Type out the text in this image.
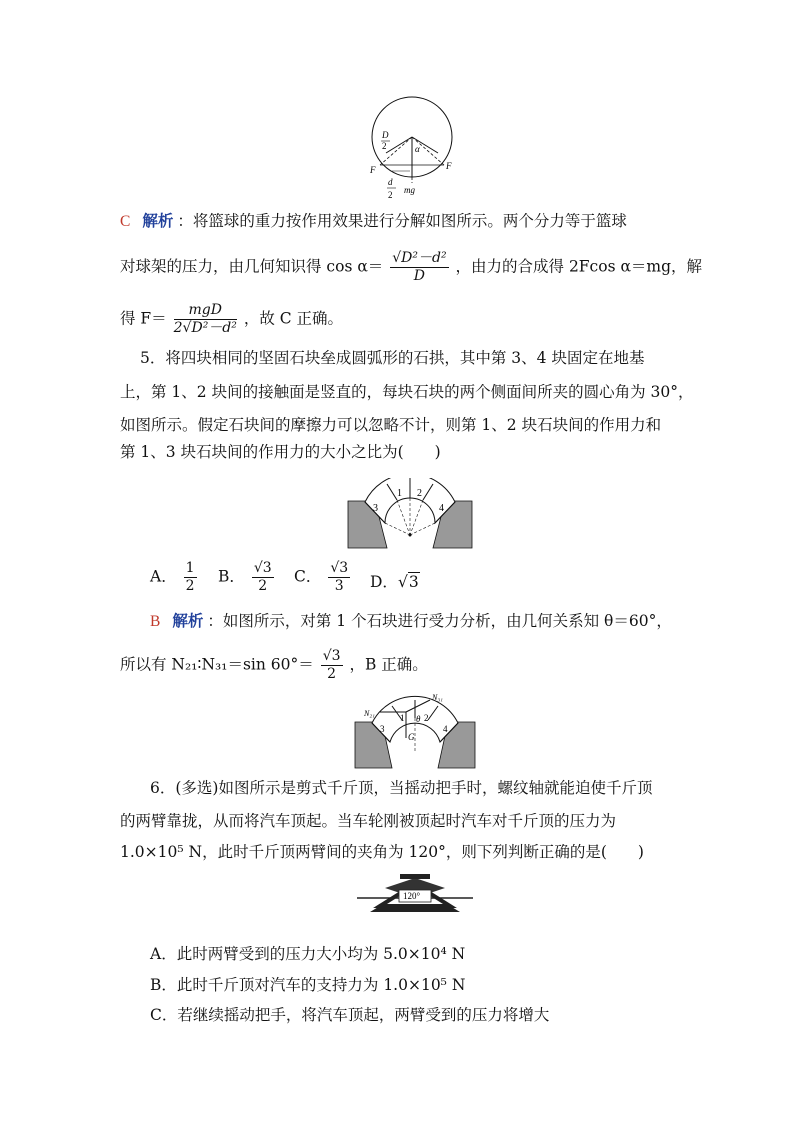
D
2	α
F	F
d
2 mg
C 解析 ：将篮球的重力按作用效果进行分解如图所示。两个分力等于篮球
对球架的压力，由几何知识得 $\cos \alpha= \frac{\text{√D²－d²}}{D}$ ，由力的合成得 2Fcos α＝mg，解
得 $F= \frac{\text{mgD}}{\text{2√D²－d²}}$ ，故 C 正确。
5．将四块相同的坚固石块垒成圆弧形的石拱，其中第 3、4 块固定在地基
上，第 1、2 块间的接触面是竖直的，每块石块的两个侧面间所夹的圆心角为 30°，
如图所示。假定石块间的摩擦力可以忽略不计，则第 1、2 块石块间的作用力和
第 1、3 块石块间的作用力的大小之比为(　　)
1 2
3	4
A． $\frac{1}{2}$ B． $\frac{√3}{2}$ C． $\frac{√3}{3}$ D．√3
B 解析 ：如图所示，对第 1 个石块进行受力分析，由几何关系知 θ＝60°，
所以有 N₂₁∶N₃₁＝sin $60^\circ= \frac{√3}{2}$ ，B 正确。
N₂₁
N₃₁
θ
G
1 2
3	4
6．(多选)如图所示是剪式千斤顶，当摇动把手时，螺纹轴就能迫使千斤顶
的两臂靠拢，从而将汽车顶起。当车轮刚被顶起时汽车对千斤顶的压力为
1.0×10⁵ N，此时千斤顶两臂间的夹角为 120°，则下列判断正确的是(　　)
120°
A．此时两臂受到的压力大小均为 5.0×10⁴ N
B．此时千斤顶对汽车的支持力为 1.0×10⁵ N
C．若继续摇动把手，将汽车顶起，两臂受到的压力将增大
